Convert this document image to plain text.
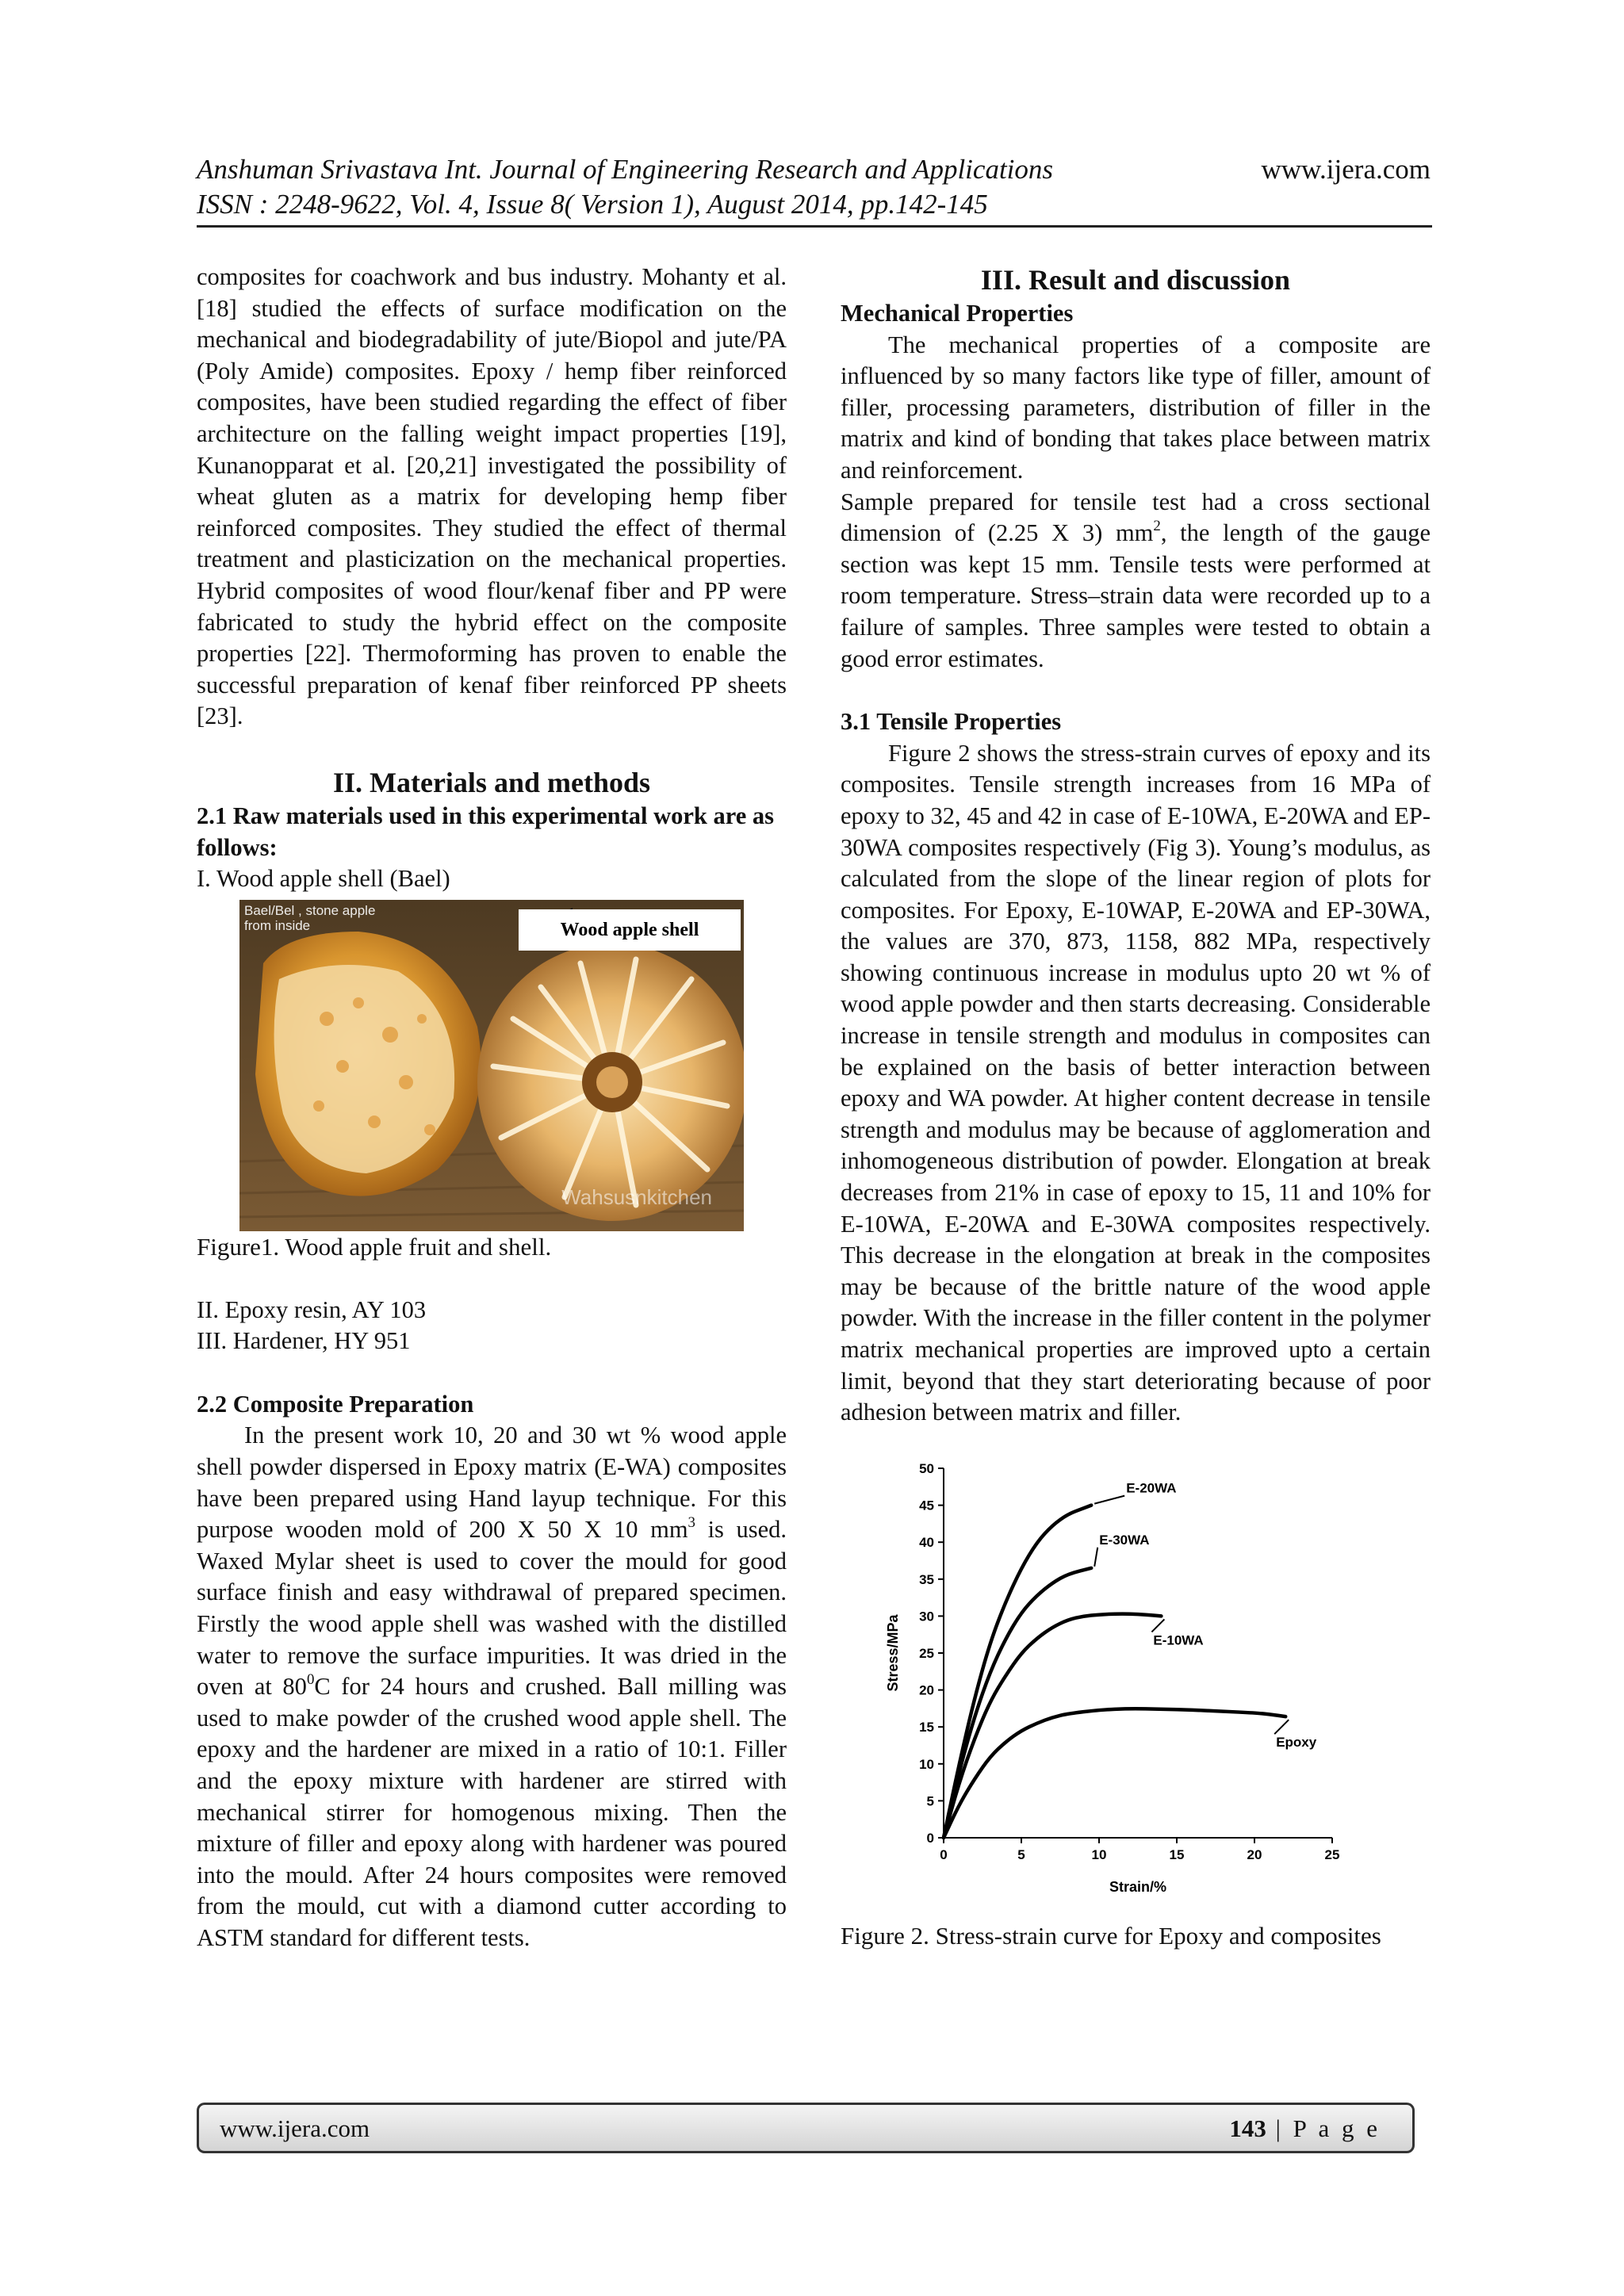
Anshuman Srivastava Int. Journal of Engineering Research and Applications	www.ijera.com
ISSN : 2248-9622, Vol. 4, Issue 8( Version 1), August 2014, pp.142-145

composites for coachwork and bus industry. Mohanty et al. [18] studied the effects of surface modification on the mechanical and biodegradability of jute/Biopol and jute/PA (Poly Amide) composites. Epoxy / hemp fiber reinforced composites, have been studied regarding the effect of fiber architecture on the falling weight impact properties [19], Kunanopparat et al. [20,21] investigated the possibility of wheat gluten as a matrix for developing hemp fiber reinforced composites. They studied the effect of thermal treatment and plasticization on the mechanical properties. Hybrid composites of wood flour/kenaf fiber and PP were fabricated to study the hybrid effect on the composite properties [22]. Thermoforming has proven to enable the successful preparation of kenaf fiber reinforced PP sheets [23].

II. Materials and methods

2.1 Raw materials used in this experimental work are as follows:

I. Wood apple shell (Bael)

Bael/Bel , stone apple
from inside	Wood apple shell
Wahsusnkitchen

Figure1. Wood apple fruit and shell.

II. Epoxy resin, AY 103

III. Hardener, HY 951

2.2 Composite Preparation

In the present work 10, 20 and 30 wt % wood apple shell powder dispersed in Epoxy matrix (E-WA) composites have been prepared using Hand layup technique. For this purpose wooden mold of 200 X 50 X 10 $mm^3$ is used. Waxed Mylar sheet is used to cover the mould for good surface finish and easy withdrawal of prepared specimen. Firstly the wood apple shell was washed with the distilled water to remove the surface impurities. It was dried in the oven at $80^0C$ for 24 hours and crushed. Ball milling was used to make powder of the crushed wood apple shell. The epoxy and the hardener are mixed in a ratio of 10:1. Filler and the epoxy mixture with hardener are stirred with mechanical stirrer for homogenous mixing. Then the mixture of filler and epoxy along with hardener was poured into the mould. After 24 hours composites were removed from the mould, cut with a diamond cutter according to ASTM standard for different tests.

III. Result and discussion

Mechanical Properties

The mechanical properties of a composite are influenced by so many factors like type of filler, amount of filler, processing parameters, distribution of filler in the matrix and kind of bonding that takes place between matrix and reinforcement.

Sample prepared for tensile test had a cross sectional dimension of (2.25 X 3) $mm^2$, the length of the gauge section was kept 15 mm. Tensile tests were performed at room temperature. Stress–strain data were recorded up to a failure of samples. Three samples were tested to obtain a good error estimates.

3.1 Tensile Properties

Figure 2 shows the stress-strain curves of epoxy and its composites. Tensile strength increases from 16 MPa of epoxy to 32, 45 and 42 in case of E-10WA, E-20WA and EP-30WA composites respectively (Fig 3). Young’s modulus, as calculated from the slope of the linear region of plots for composites. For Epoxy, E-10WAP, E-20WA and EP-30WA, the values are 370, 873, 1158, 882 MPa, respectively showing continuous increase in modulus upto 20 wt % of wood apple powder and then starts decreasing. Considerable increase in tensile strength and modulus in composites can be explained on the basis of better interaction between epoxy and WA powder. At higher content decrease in tensile strength and modulus may be because of agglomeration and inhomogeneous distribution of powder. Elongation at break decreases from 21% in case of epoxy to 15, 11 and 10% for E-10WA, E-20WA and E-30WA composites respectively. This decrease in the elongation at break in the composites may be because of the brittle nature of the wood apple powder. With the increase in the filler content in the polymer matrix mechanical properties are improved upto a certain limit, beyond that they start deteriorating because of poor adhesion between matrix and filler.

0
5
10
15
20
25
30
35
40
45
50
0	5	10	15	20	25
Strain/%
Stress/MPa
E-20WA
E-30WA
E-10WA
Epoxy

Figure 2. Stress-strain curve for Epoxy and composites

www.ijera.com	143 | P a g e
